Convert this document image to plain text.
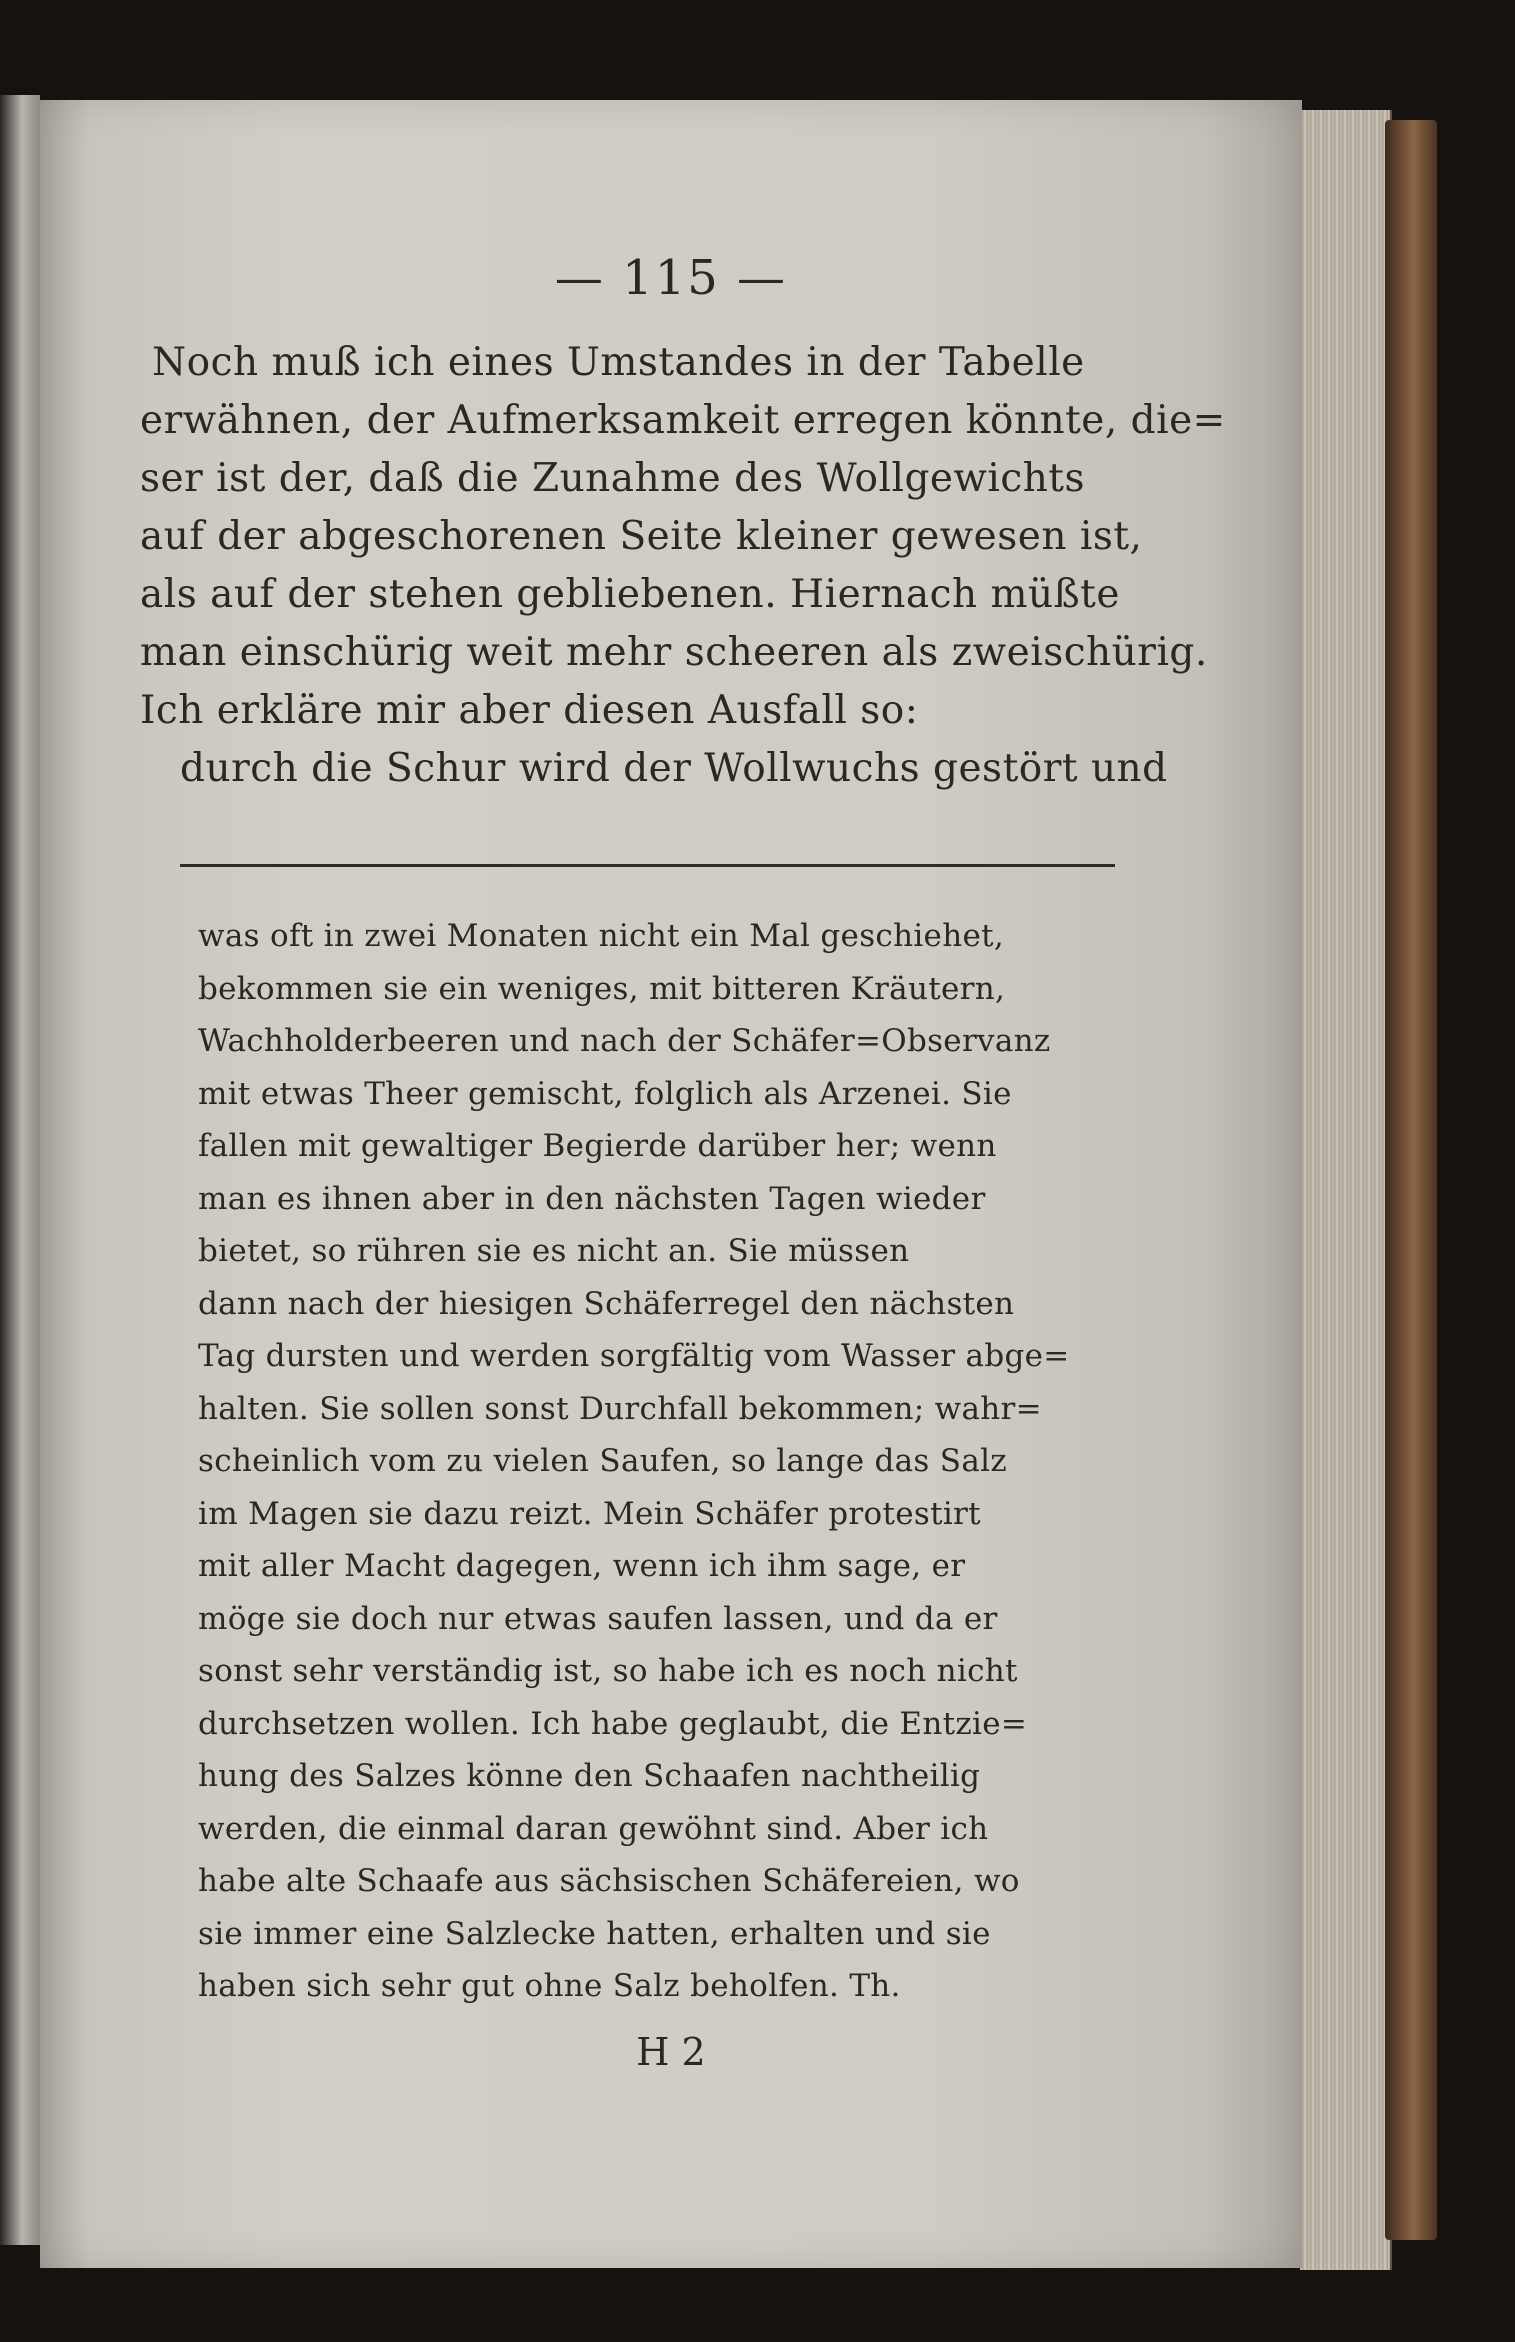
— 115 —
Noch muß ich eines Umstandes in der Tabelle
erwähnen, der Aufmerksamkeit erregen könnte, die=
ser ist der, daß die Zunahme des Wollgewichts
auf der abgeschorenen Seite kleiner gewesen ist,
als auf der stehen gebliebenen. Hiernach müßte
man einschürig weit mehr scheeren als zweischürig.
Ich erkläre mir aber diesen Ausfall so:
durch die Schur wird der Wollwuchs gestört und
was oft in zwei Monaten nicht ein Mal geschiehet,
bekommen sie ein weniges, mit bitteren Kräutern,
Wachholderbeeren und nach der Schäfer=Observanz
mit etwas Theer gemischt, folglich als Arzenei. Sie
fallen mit gewaltiger Begierde darüber her; wenn
man es ihnen aber in den nächsten Tagen wieder
bietet, so rühren sie es nicht an. Sie müssen
dann nach der hiesigen Schäferregel den nächsten
Tag dursten und werden sorgfältig vom Wasser abge=
halten. Sie sollen sonst Durchfall bekommen; wahr=
scheinlich vom zu vielen Saufen, so lange das Salz
im Magen sie dazu reizt. Mein Schäfer protestirt
mit aller Macht dagegen, wenn ich ihm sage, er
möge sie doch nur etwas saufen lassen, und da er
sonst sehr verständig ist, so habe ich es noch nicht
durchsetzen wollen. Ich habe geglaubt, die Entzie=
hung des Salzes könne den Schaafen nachtheilig
werden, die einmal daran gewöhnt sind. Aber ich
habe alte Schaafe aus sächsischen Schäfereien, wo
sie immer eine Salzlecke hatten, erhalten und sie
haben sich sehr gut ohne Salz beholfen. Th.
H 2
